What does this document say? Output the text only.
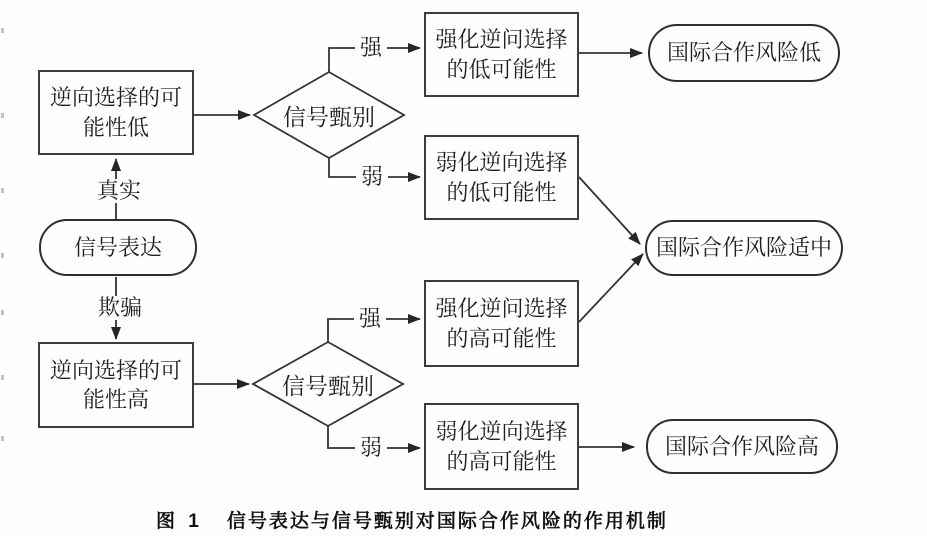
逆向选择的可能性低
信号表达
逆向选择的可能性高
信号甄别
信号甄别
强化逆问选择的低可能性
弱化逆向选择的低可能性
强化逆问选择的高可能性
弱化逆向选择的高可能性
国际合作风险低
国际合作风险适中
国际合作风险高
真实
欺骗
强
弱
强
弱
图 1 信号表达与信号甄别对国际合作风险的作用机制
